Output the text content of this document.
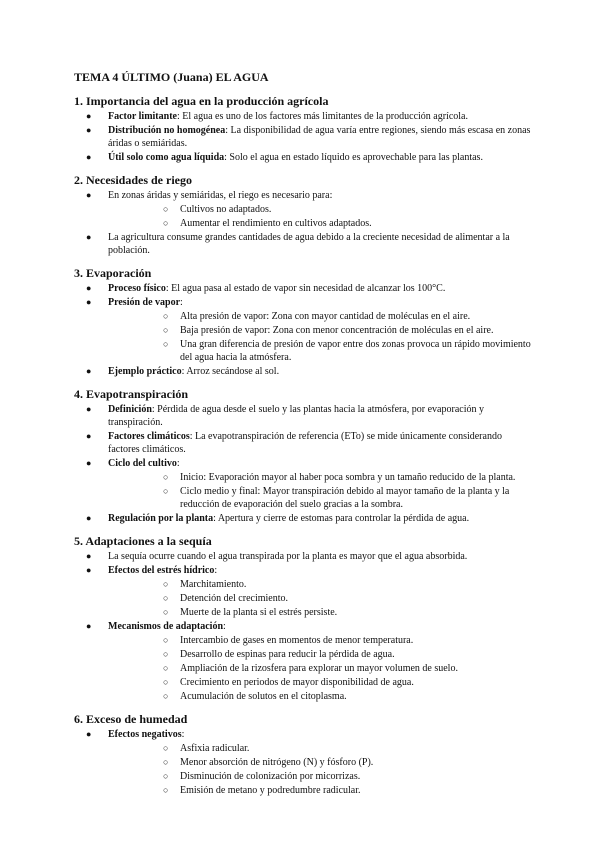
TEMA 4 ÚLTIMO (Juana) EL AGUA
1. Importancia del agua en la producción agrícola
● Factor limitante: El agua es uno de los factores más limitantes de la producción agrícola.
● Distribución no homogénea: La disponibilidad de agua varía entre regiones, siendo más escasa en zonas áridas o semiáridas.
● Útil solo como agua líquida: Solo el agua en estado líquido es aprovechable para las plantas.
2. Necesidades de riego
● En zonas áridas y semiáridas, el riego es necesario para:
○ Cultivos no adaptados.
○ Aumentar el rendimiento en cultivos adaptados.
● La agricultura consume grandes cantidades de agua debido a la creciente necesidad de alimentar a la población.
3. Evaporación
● Proceso físico: El agua pasa al estado de vapor sin necesidad de alcanzar los 100°C.
● Presión de vapor:
○ Alta presión de vapor: Zona con mayor cantidad de moléculas en el aire.
○ Baja presión de vapor: Zona con menor concentración de moléculas en el aire.
○ Una gran diferencia de presión de vapor entre dos zonas provoca un rápido movimiento del agua hacia la atmósfera.
● Ejemplo práctico: Arroz secándose al sol.
4. Evapotranspiración
● Definición: Pérdida de agua desde el suelo y las plantas hacia la atmósfera, por evaporación y transpiración.
● Factores climáticos: La evapotranspiración de referencia (ETo) se mide únicamente considerando factores climáticos.
● Ciclo del cultivo:
○ Inicio: Evaporación mayor al haber poca sombra y un tamaño reducido de la planta.
○ Ciclo medio y final: Mayor transpiración debido al mayor tamaño de la planta y la reducción de evaporación del suelo gracias a la sombra.
● Regulación por la planta: Apertura y cierre de estomas para controlar la pérdida de agua.
5. Adaptaciones a la sequía
● La sequía ocurre cuando el agua transpirada por la planta es mayor que el agua absorbida.
● Efectos del estrés hídrico:
○ Marchitamiento.
○ Detención del crecimiento.
○ Muerte de la planta si el estrés persiste.
● Mecanismos de adaptación:
○ Intercambio de gases en momentos de menor temperatura.
○ Desarrollo de espinas para reducir la pérdida de agua.
○ Ampliación de la rizosfera para explorar un mayor volumen de suelo.
○ Crecimiento en periodos de mayor disponibilidad de agua.
○ Acumulación de solutos en el citoplasma.
6. Exceso de humedad
● Efectos negativos:
○ Asfixia radicular.
○ Menor absorción de nitrógeno (N) y fósforo (P).
○ Disminución de colonización por micorrizas.
○ Emisión de metano y podredumbre radicular.
